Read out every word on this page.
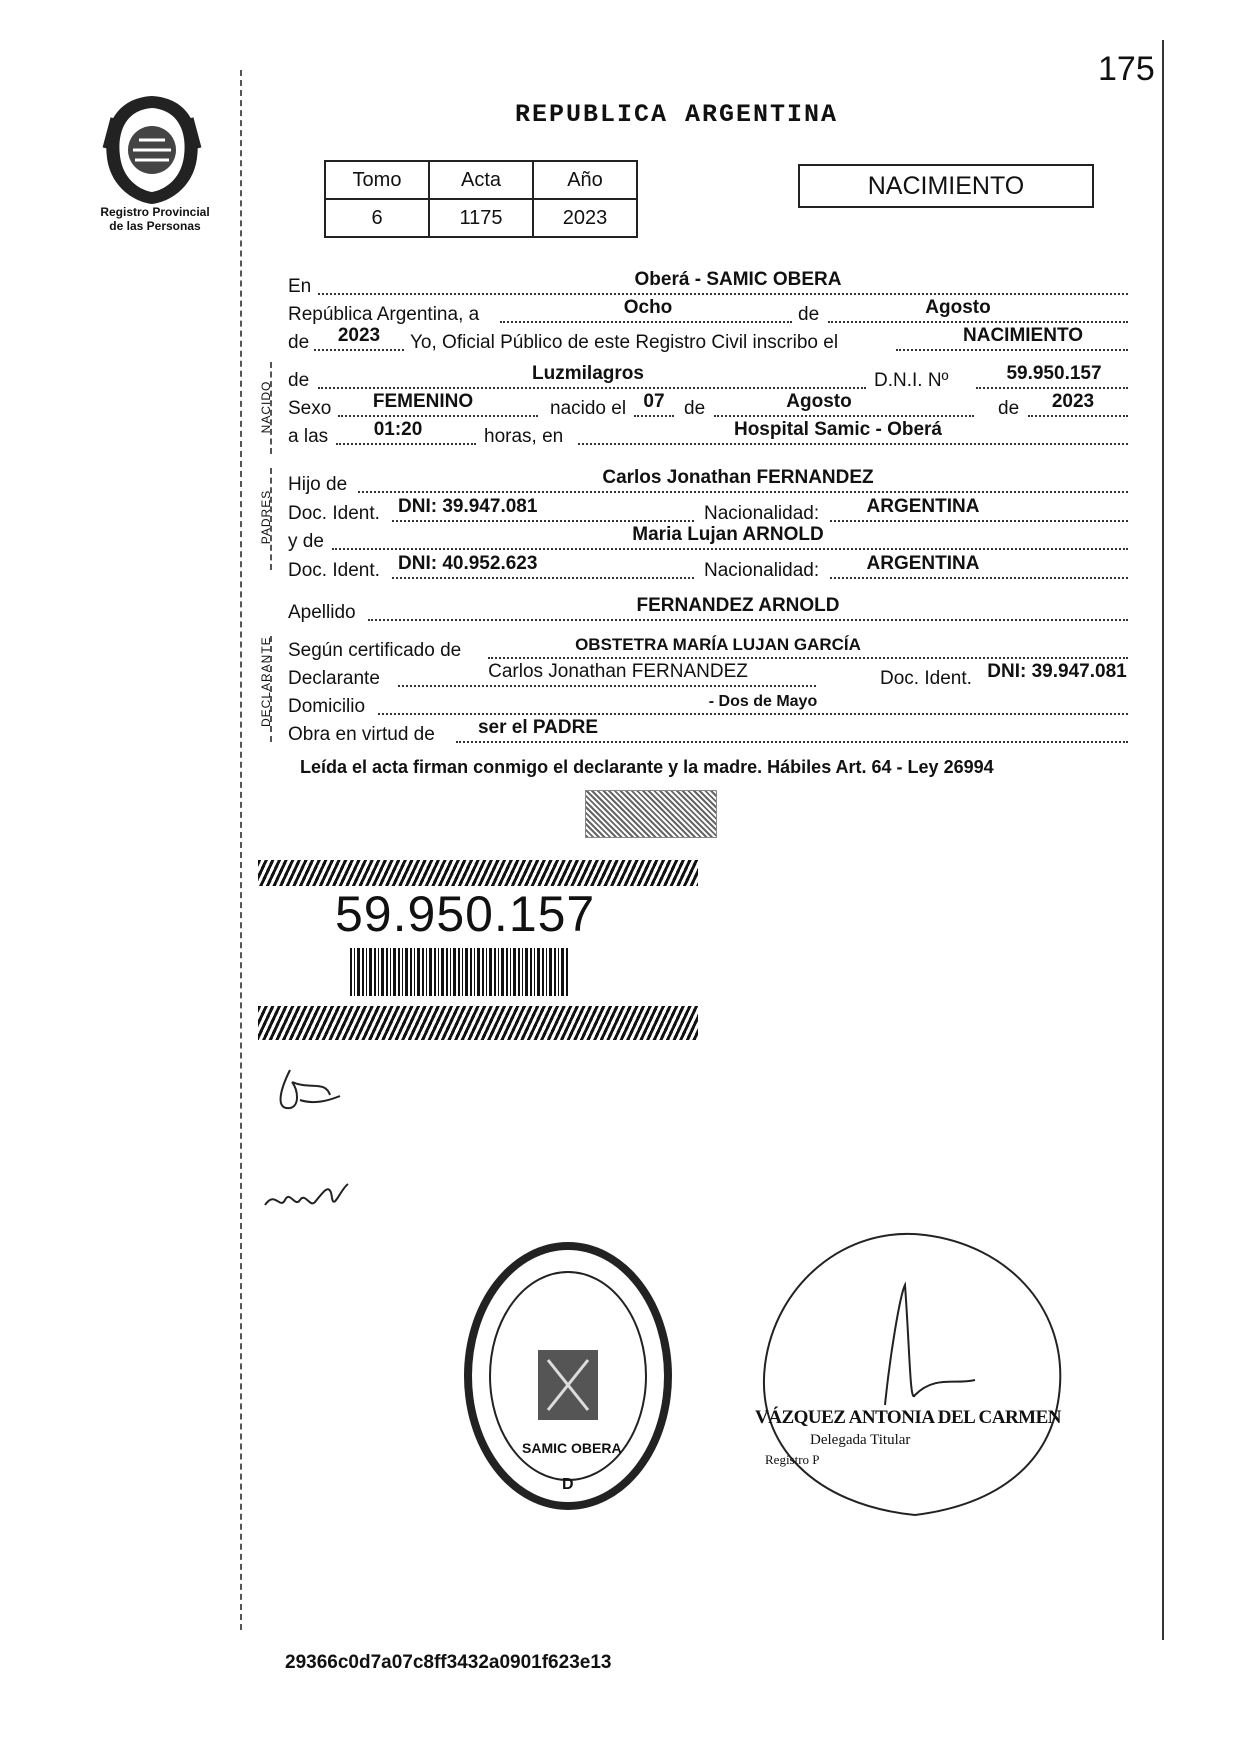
175
Registro Provincial
de las Personas
REPUBLICA ARGENTINA
Tomo	Acta	Año
6	1175	2023
NACIMIENTO
NACIDO
PADRES
DECLARANTE
En	Oberá - SAMIC OBERA
República Argentina, a	Ocho	de	Agosto
de	2023	Yo, Oficial Público de este Registro Civil inscribo el	NACIMIENTO
de	Luzmilagros	D.N.I. Nº	59.950.157
Sexo	FEMENINO	nacido el 07	de	Agosto	de	2023
a las	01:20	horas, en	Hospital Samic - Oberá
Hijo de	Carlos Jonathan FERNANDEZ
Doc. Ident. DNI: 39.947.081	Nacionalidad:	ARGENTINA
y de	Maria Lujan ARNOLD
Doc. Ident. DNI: 40.952.623	Nacionalidad:	ARGENTINA
Apellido	FERNANDEZ ARNOLD
Según certificado de	OBSTETRA MARÍA LUJAN GARCÍA
Declarante	Carlos Jonathan FERNANDEZ	Doc. Ident. DNI: 39.947.081
Domicilio	- Dos de Mayo
Obra en virtud de	ser el PADRE
Leída el acta firman conmigo el declarante y la madre. Hábiles Art. 64 - Ley 26994
59.950.157
SAMIC OBERA
D
VÁZQUEZ ANTONIA DEL CARMEN
Delegada Titular
Registro P
29366c0d7a07c8ff3432a0901f623e13
